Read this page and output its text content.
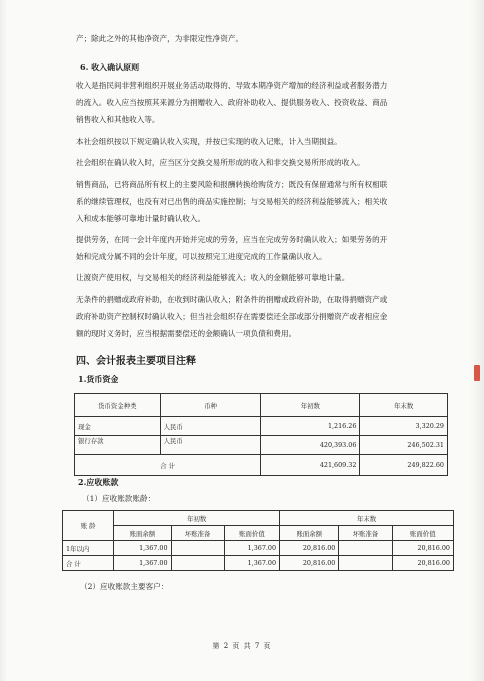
产；除此之外的其他净资产，为非限定性净资产。
6. 收入确认原则
收入是指民间非营利组织开展业务活动取得的、导致本期净资产增加的经济利益或者服务潜力
的流入。收入应当按照其来源分为捐赠收入、政府补助收入、提供服务收入、投资收益、商品
销售收入和其他收入等。
本社会组织按以下规定确认收入实现，并按已实现的收入记账，计入当期损益。
社会组织在确认收入时，应当区分交换交易所形成的收入和非交换交易所形成的收入。
销售商品，已将商品所有权上的主要风险和报酬转换给购货方；既没有保留通常与所有权相联
系的继续管理权，也没有对已出售的商品实施控制；与交易相关的经济利益能够流入；相关收
入和成本能够可靠地计量时确认收入。
提供劳务，在同一会计年度内开始并完成的劳务，应当在完成劳务时确认收入；如果劳务的开
始和完成分属不同的会计年度，可以按照完工进度完成的工作量确认收入。
让渡资产使用权，与交易相关的经济利益能够流入；收入的金额能够可靠地计量。
无条件的捐赠或政府补助，在收到时确认收入；附条件的捐赠或政府补助，在取得捐赠资产或
政府补助资产控制权时确认收入；但当社会组织存在需要偿还全部或部分捐赠资产或者相应金
额的现时义务时，应当根据需要偿还的金额确认一项负债和费用。
四、会计报表主要项目注释
1.货币资金
货币资金种类	币种	年初数	年末数
现金	人民币	1,216.26	3,320.29
银行存款	人民币	420,393.06	246,502.31
合 计		421,609.32	249,822.60
2.应收账款
（1）应收账款账龄：
账 龄	年初数			年末数		
	账面余额	坏账准备	账面价值	账面余额	坏账准备	账面价值
1年以内	1,367.00		1,367.00	20,816.00		20,816.00
合 计	1,367.00		1,367.00	20,816.00		20,816.00
（2）应收账款主要客户：
第 2 页 共 7 页
